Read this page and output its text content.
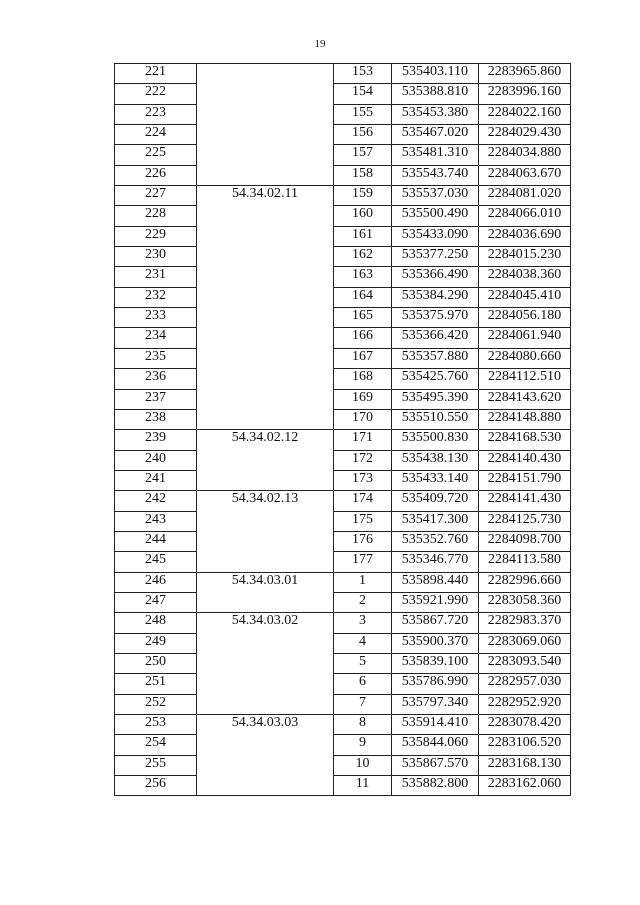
19
221		153	535403.110	2283965.860
222		154	535388.810	2283996.160
223		155	535453.380	2284022.160
224		156	535467.020	2284029.430
225		157	535481.310	2284034.880
226		158	535543.740	2284063.670
227	54.34.02.11	159	535537.030	2284081.020
228		160	535500.490	2284066.010
229		161	535433.090	2284036.690
230		162	535377.250	2284015.230
231		163	535366.490	2284038.360
232		164	535384.290	2284045.410
233		165	535375.970	2284056.180
234		166	535366.420	2284061.940
235		167	535357.880	2284080.660
236		168	535425.760	2284112.510
237		169	535495.390	2284143.620
238		170	535510.550	2284148.880
239	54.34.02.12	171	535500.830	2284168.530
240		172	535438.130	2284140.430
241		173	535433.140	2284151.790
242	54.34.02.13	174	535409.720	2284141.430
243		175	535417.300	2284125.730
244		176	535352.760	2284098.700
245		177	535346.770	2284113.580
246	54.34.03.01	1	535898.440	2282996.660
247		2	535921.990	2283058.360
248	54.34.03.02	3	535867.720	2282983.370
249		4	535900.370	2283069.060
250		5	535839.100	2283093.540
251		6	535786.990	2282957.030
252		7	535797.340	2282952.920
253	54.34.03.03	8	535914.410	2283078.420
254		9	535844.060	2283106.520
255		10	535867.570	2283168.130
256		11	535882.800	2283162.060
